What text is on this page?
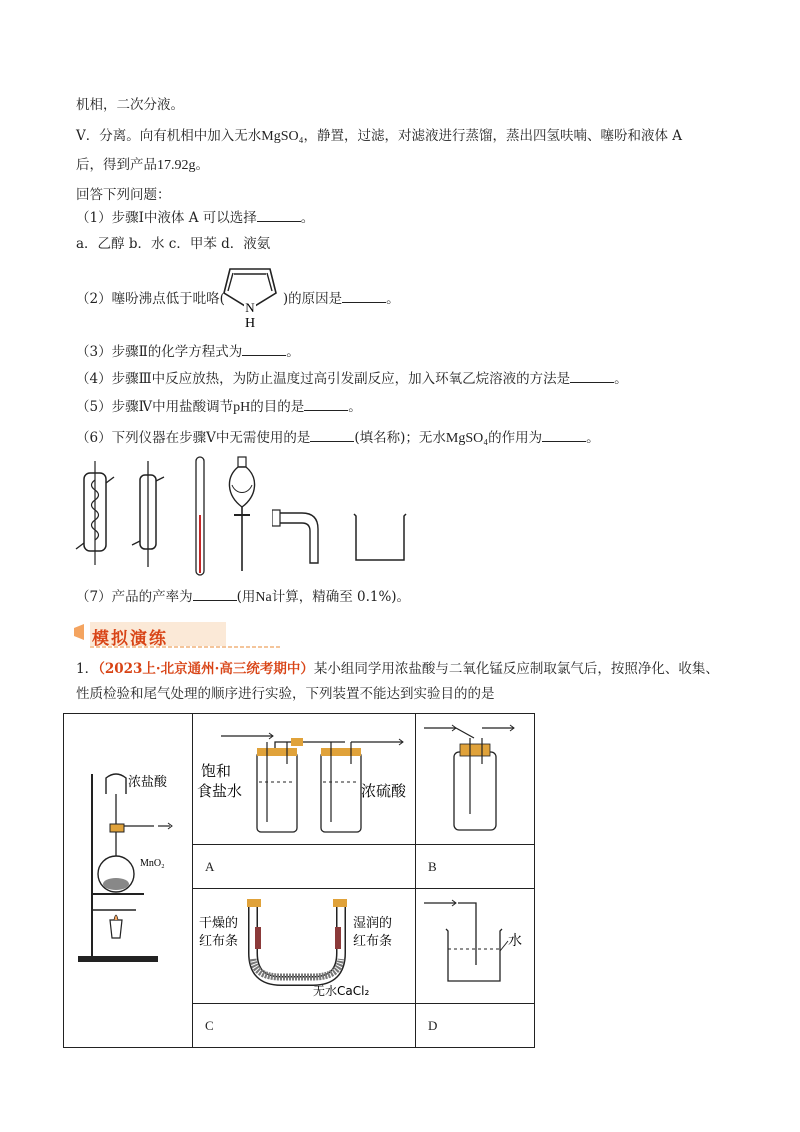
机相，二次分液。
V．分离。向有机相中加入无水MgSO₄，静置，过滤，对滤液进行蒸馏，蒸出四氢呋喃、噻吩和液体 A
后，得到产品17.92g。
回答下列问题：
（1）步骤Ⅰ中液体 A 可以选择	。
a．乙醇 b．水 c．甲苯 d．液氨
（2）噻吩沸点低于吡咯(	)的原因是	。
N
H
（3）步骤Ⅱ的化学方程式为	。
（4）步骤Ⅲ中反应放热，为防止温度过高引发副反应，加入环氧乙烷溶液的方法是	。
（5）步骤Ⅳ中用盐酸调节pH的目的是	。
（6）下列仪器在步骤Ⅴ中无需使用的是	(填名称)；无水MgSO₄的作用为	。
（7）产品的产率为	(用Na计算，精确至 0.1%)。
模拟演练
1．（2023上·北京通州·高三统考期中）某小组同学用浓盐酸与二氧化锰反应制取氯气后，按照净化、收集、
性质检验和尾气处理的顺序进行实验，下列装置不能达到实验目的的是
浓盐酸
MnO₂	饱和
食盐水 浓硫酸

	A	B

干燥的
红布条
湿润的
红布条
无水CaCl₂	水

	C	D
